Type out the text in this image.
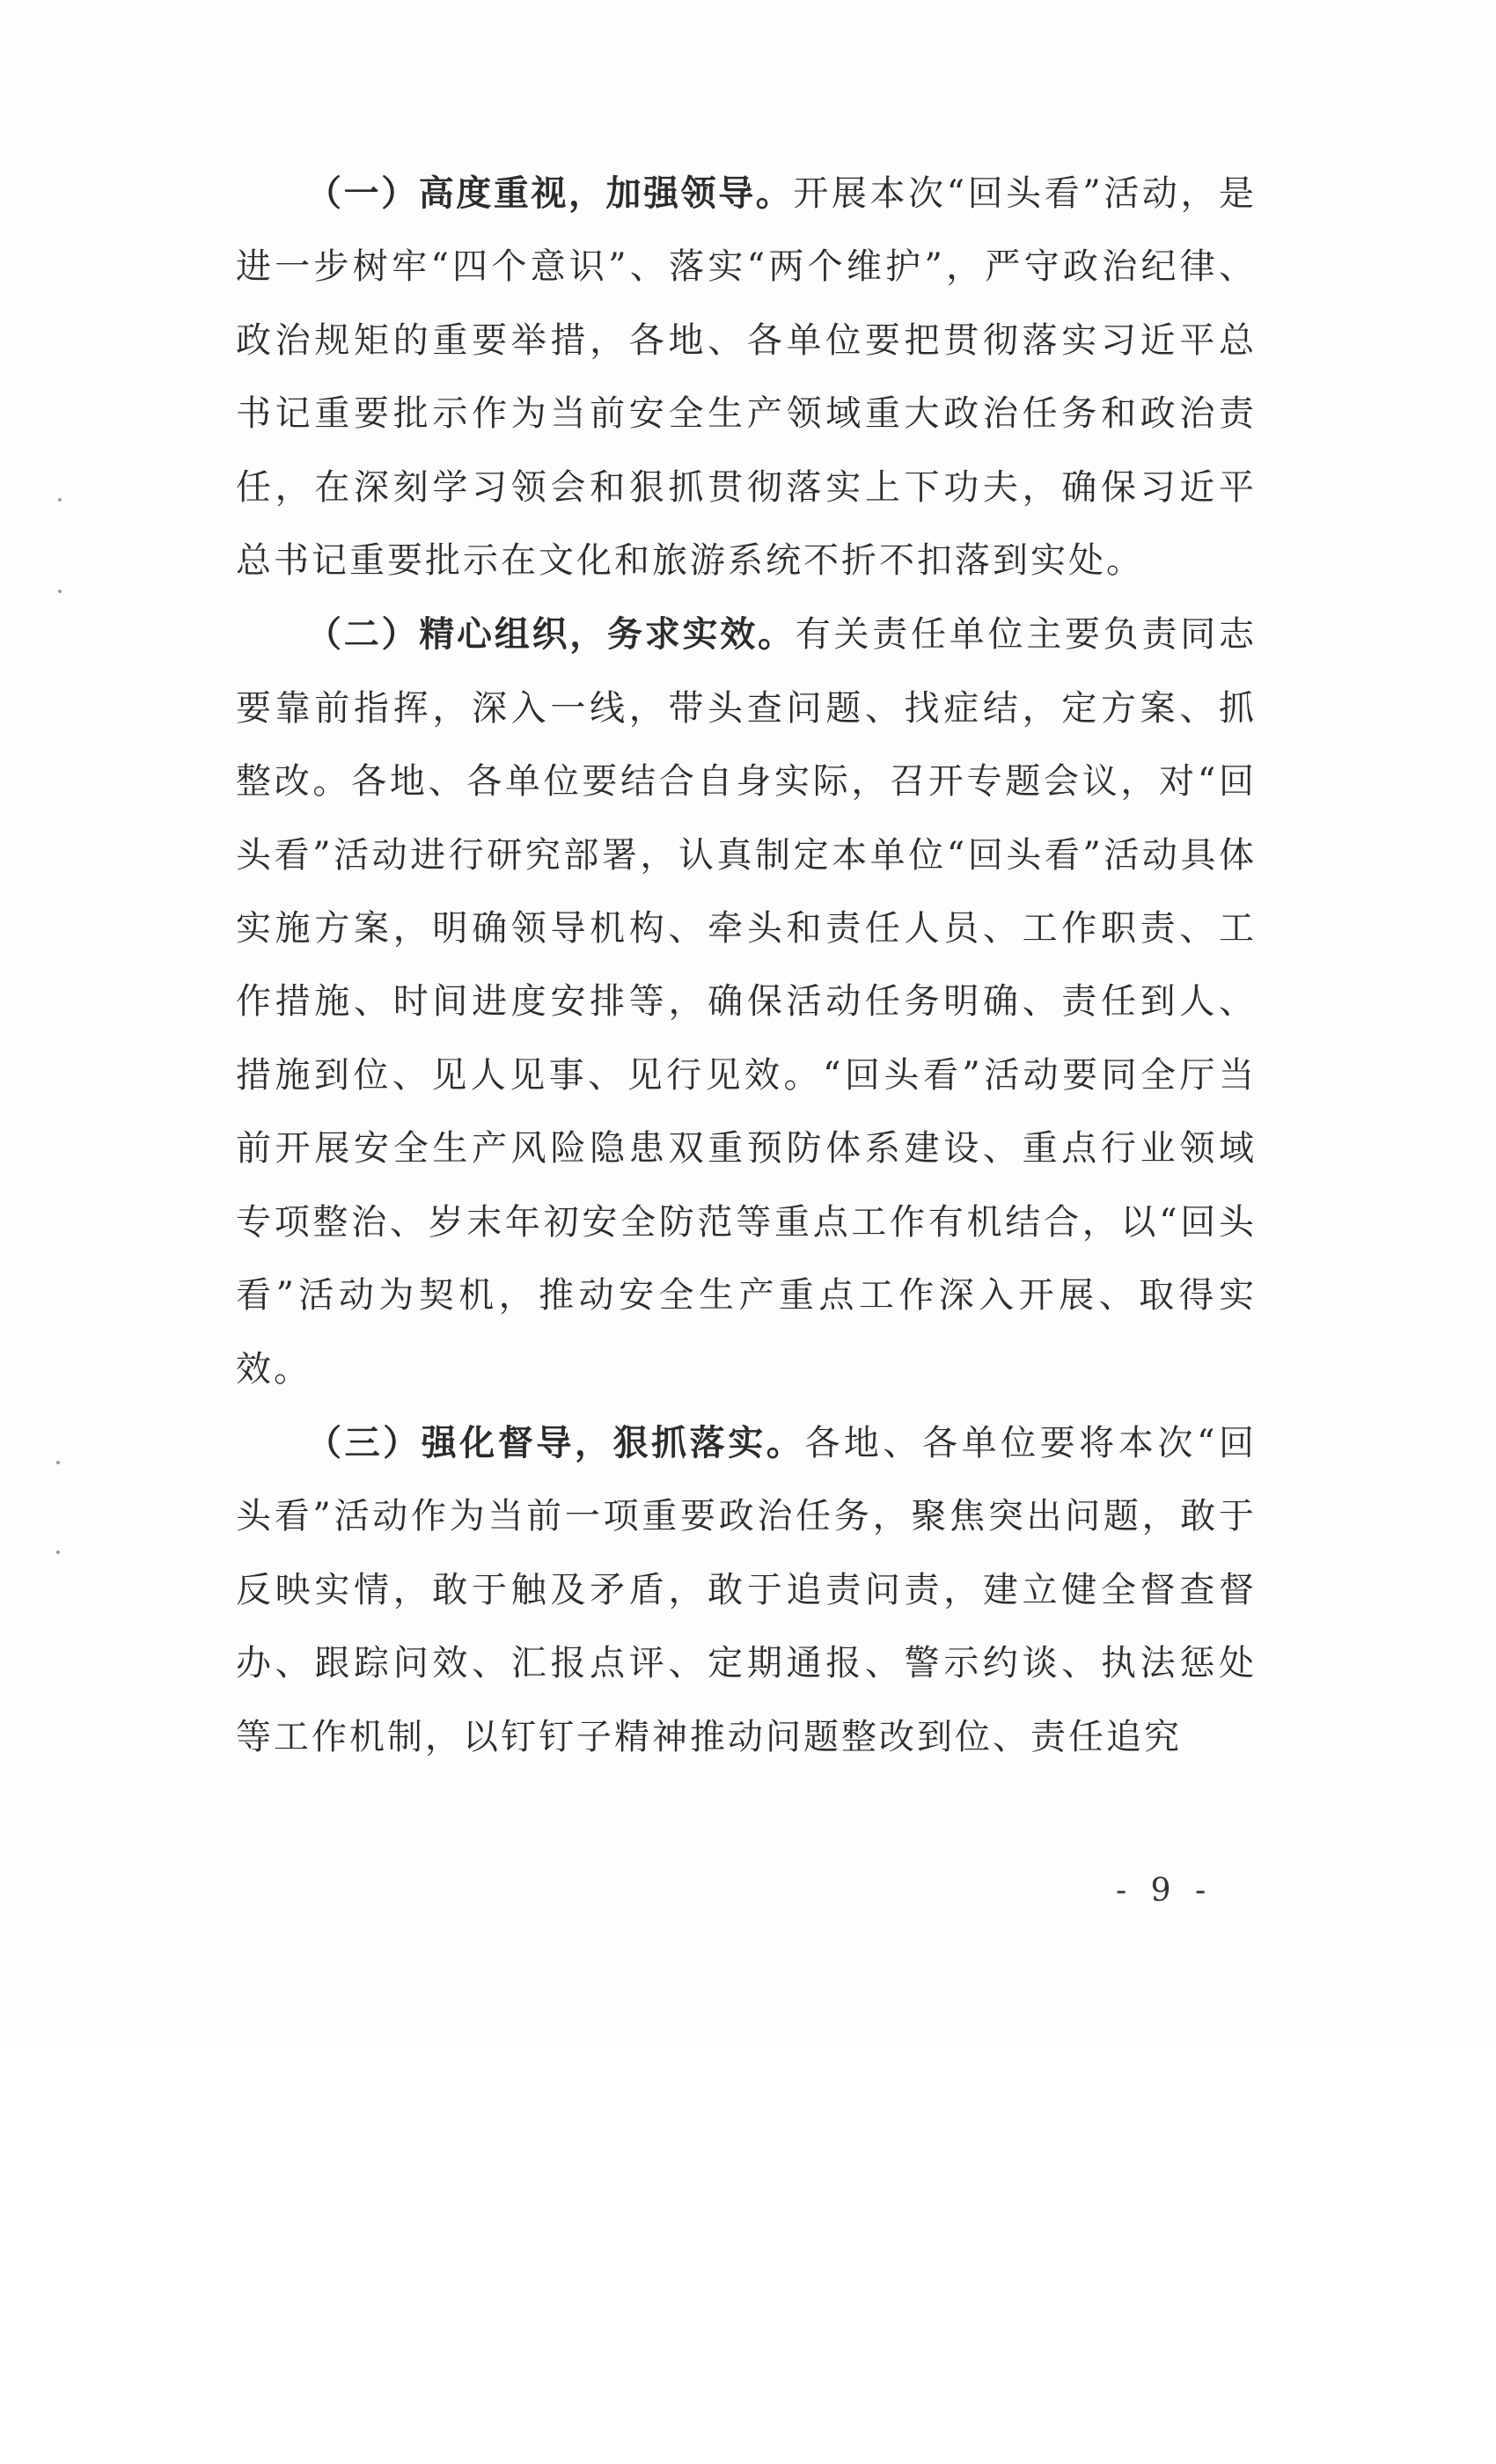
（一）高度重视，加强领导。开展本次“回头看”活动，是进一步树牢“四个意识”、落实“两个维护”，严守政治纪律、政治规矩的重要举措，各地、各单位要把贯彻落实习近平总书记重要批示作为当前安全生产领域重大政治任务和政治责任，在深刻学习领会和狠抓贯彻落实上下功夫，确保习近平总书记重要批示在文化和旅游系统不折不扣落到实处。

（二）精心组织，务求实效。有关责任单位主要负责同志要靠前指挥，深入一线，带头查问题、找症结，定方案、抓整改。各地、各单位要结合自身实际，召开专题会议，对“回头看”活动进行研究部署，认真制定本单位“回头看”活动具体实施方案，明确领导机构、牵头和责任人员、工作职责、工作措施、时间进度安排等，确保活动任务明确、责任到人、措施到位、见人见事、见行见效。“回头看”活动要同全厅当前开展安全生产风险隐患双重预防体系建设、重点行业领域专项整治、岁末年初安全防范等重点工作有机结合，以“回头看”活动为契机，推动安全生产重点工作深入开展、取得实效。

（三）强化督导，狠抓落实。各地、各单位要将本次“回头看”活动作为当前一项重要政治任务，聚焦突出问题，敢于反映实情，敢于触及矛盾，敢于追责问责，建立健全督查督办、跟踪问效、汇报点评、定期通报、警示约谈、执法惩处等工作机制，以钉钉子精神推动问题整改到位、责任追究

- 9 -
